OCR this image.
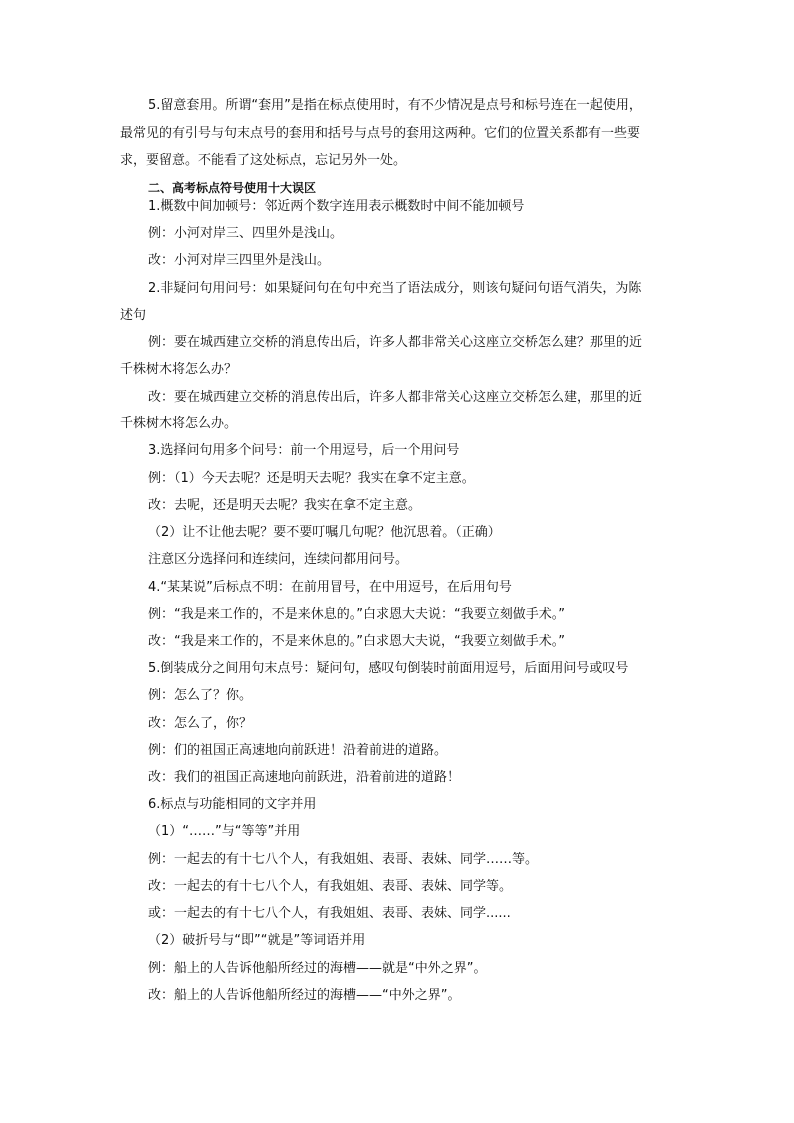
5.留意套用。所谓“套用”是指在标点使用时，有不少情况是点号和标号连在一起使用，
最常见的有引号与句末点号的套用和括号与点号的套用这两种。它们的位置关系都有一些要
求，要留意。不能看了这处标点，忘记另外一处。
二、高考标点符号使用十大误区
1.概数中间加顿号：邻近两个数字连用表示概数时中间不能加顿号
例：小河对岸三、四里外是浅山。
改：小河对岸三四里外是浅山。
2.非疑问句用问号：如果疑问句在句中充当了语法成分，则该句疑问句语气消失，为陈
述句
例：要在城西建立交桥的消息传出后，许多人都非常关心这座立交桥怎么建？那里的近
千株树木将怎么办？
改：要在城西建立交桥的消息传出后，许多人都非常关心这座立交桥怎么建，那里的近
千株树木将怎么办。
3.选择问句用多个问号：前一个用逗号，后一个用问号
例：（1）今天去呢？还是明天去呢？我实在拿不定主意。
改：去呢，还是明天去呢？我实在拿不定主意。
（2）让不让他去呢？要不要叮嘱几句呢？他沉思着。（正确）
注意区分选择问和连续问，连续问都用问号。
4.“某某说”后标点不明：在前用冒号，在中用逗号，在后用句号
例：“我是来工作的，不是来休息的。”白求恩大夫说：“我要立刻做手术。”
改：“我是来工作的，不是来休息的。”白求恩大夫说，“我要立刻做手术。”
5.倒装成分之间用句末点号：疑问句，感叹句倒装时前面用逗号，后面用问号或叹号
例：怎么了？你。
改：怎么了，你？
例：们的祖国正高速地向前跃进！沿着前进的道路。
改：我们的祖国正高速地向前跃进，沿着前进的道路！
6.标点与功能相同的文字并用
（1）“……”与“等等”并用
例：一起去的有十七八个人，有我姐姐、表哥、表妹、同学……等。
改：一起去的有十七八个人，有我姐姐、表哥、表妹、同学等。
或：一起去的有十七八个人，有我姐姐、表哥、表妹、同学......
（2）破折号与“即”“就是”等词语并用
例：船上的人告诉他船所经过的海槽——就是“中外之界”。
改：船上的人告诉他船所经过的海槽——“中外之界”。
